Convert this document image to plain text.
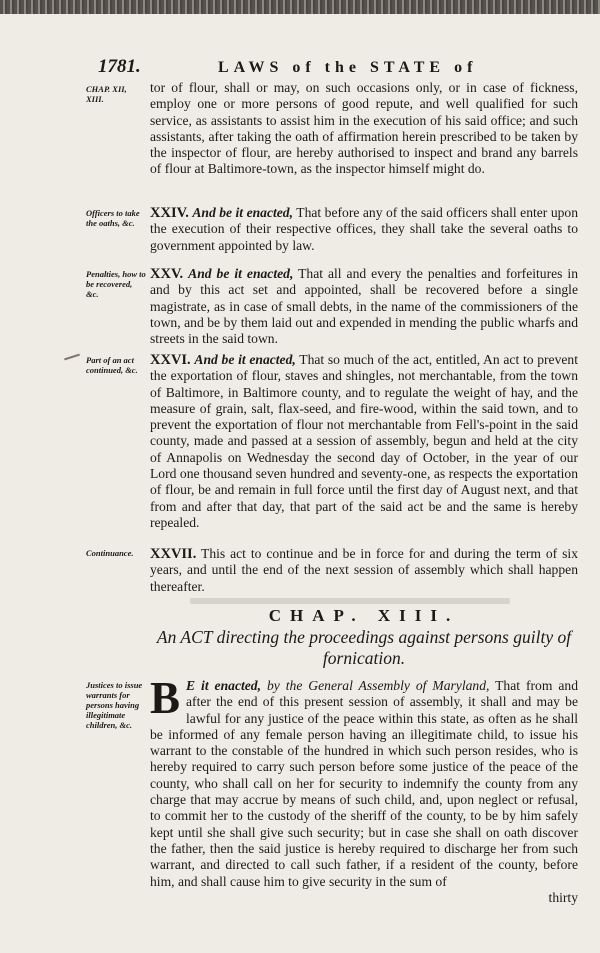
1781.	LAWS of the STATE of
CHAP. XII, XIII.
Officers to take the oaths, &c.
Penalties, how to be recovered, &c.
Part of an act continued, &c.
Continuance.
Justices to issue warrants for persons having illegitimate children, &c.
tor of flour, shall or may, on such occasions only, or in case of fickness, employ one or more persons of good repute, and well qualified for such service, as assistants to assist him in the execution of his said office; and such assistants, after taking the oath of affirmation herein prescribed to be taken by the inspector of flour, are hereby authorised to inspect and brand any barrels of flour at Baltimore-town, as the inspector himself might do.
XXIV. And be it enacted, That before any of the said officers shall enter upon the execution of their respective offices, they shall take the several oaths to government appointed by law.
XXV. And be it enacted, That all and every the penalties and forfeitures in and by this act set and appointed, shall be recovered before a single magistrate, as in case of small debts, in the name of the commissioners of the town, and be by them laid out and expended in mending the public wharfs and streets in the said town.
XXVI. And be it enacted, That so much of the act, entitled, An act to prevent the exportation of flour, staves and shingles, not merchantable, from the town of Baltimore, in Baltimore county, and to regulate the weight of hay, and the measure of grain, salt, flax-seed, and fire-wood, within the said town, and to prevent the exportation of flour not merchantable from Fell's-point in the said county, made and passed at a session of assembly, begun and held at the city of Annapolis on Wednesday the second day of October, in the year of our Lord one thousand seven hundred and seventy-one, as respects the exportation of flour, be and remain in full force until the first day of August next, and that from and after that day, that part of the said act be and the same is hereby repealed.
XXVII. This act to continue and be in force for and during the term of six years, and until the end of the next session of assembly which shall happen thereafter.
CHAP. XIII.
An ACT directing the proceedings against persons guilty of fornication.
B E it enacted, by the General Assembly of Maryland, That from and after the end of this present session of assembly, it shall and may be lawful for any justice of the peace within this state, as often as he shall be informed of any female person having an illegitimate child, to issue his warrant to the constable of the hundred in which such person resides, who is hereby required to carry such person before some justice of the peace of the county, who shall call on her for security to indemnify the county from any charge that may accrue by means of such child, and, upon neglect or refusal, to commit her to the custody of the sheriff of the county, to be by him safely kept until she shall give such security; but in case she shall on oath discover the father, then the said justice is hereby required to discharge her from such warrant, and directed to call such father, if a resident of the county, before him, and shall cause him to give security in the sum of
thirty
